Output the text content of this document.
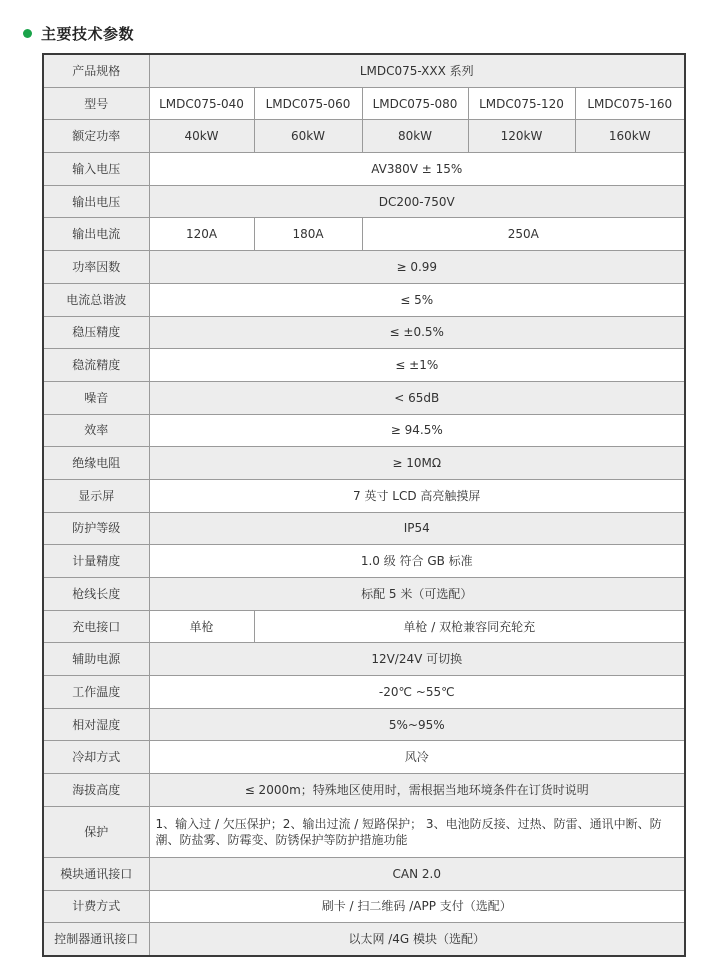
主要技术参数
产品规格	LMDC075-XXX 系列				
型号	LMDC075-040	LMDC075-060	LMDC075-080	LMDC075-120	LMDC075-160
额定功率	40kW	60kW	80kW	120kW	160kW
输入电压	AV380V ± 15%				
输出电压	DC200-750V				
输出电流	120A	180A	250A		
功率因数	≥ 0.99				
电流总谐波	≤ 5%				
稳压精度	≤ ±0.5%				
稳流精度	≤ ±1%				
噪音	< 65dB				
效率	≥ 94.5%				
绝缘电阻	≥ 10MΩ				
显示屏	7 英寸 LCD 高亮触摸屏				
防护等级	IP54				
计量精度	1.0 级 符合 GB 标准				
枪线长度	标配 5 米（可选配）				
充电接口	单枪	单枪 / 双枪兼容同充轮充			
辅助电源	12V/24V 可切换				
工作温度	-20℃ ~55℃				
相对湿度	5%~95%				
冷却方式	风冷				
海拔高度	≤ 2000m；特殊地区使用时，需根据当地环境条件在订货时说明				
保护	1、输入过 / 欠压保护；2、输出过流 / 短路保护； 3、电池防反接、过热、防雷、通讯中断、防潮、防盐雾、防霉变、防锈保护等防护措施功能				
模块通讯接口	CAN 2.0				
计费方式	刷卡 / 扫二维码 /APP 支付（选配）				
控制器通讯接口	以太网 /4G 模块（选配）				
